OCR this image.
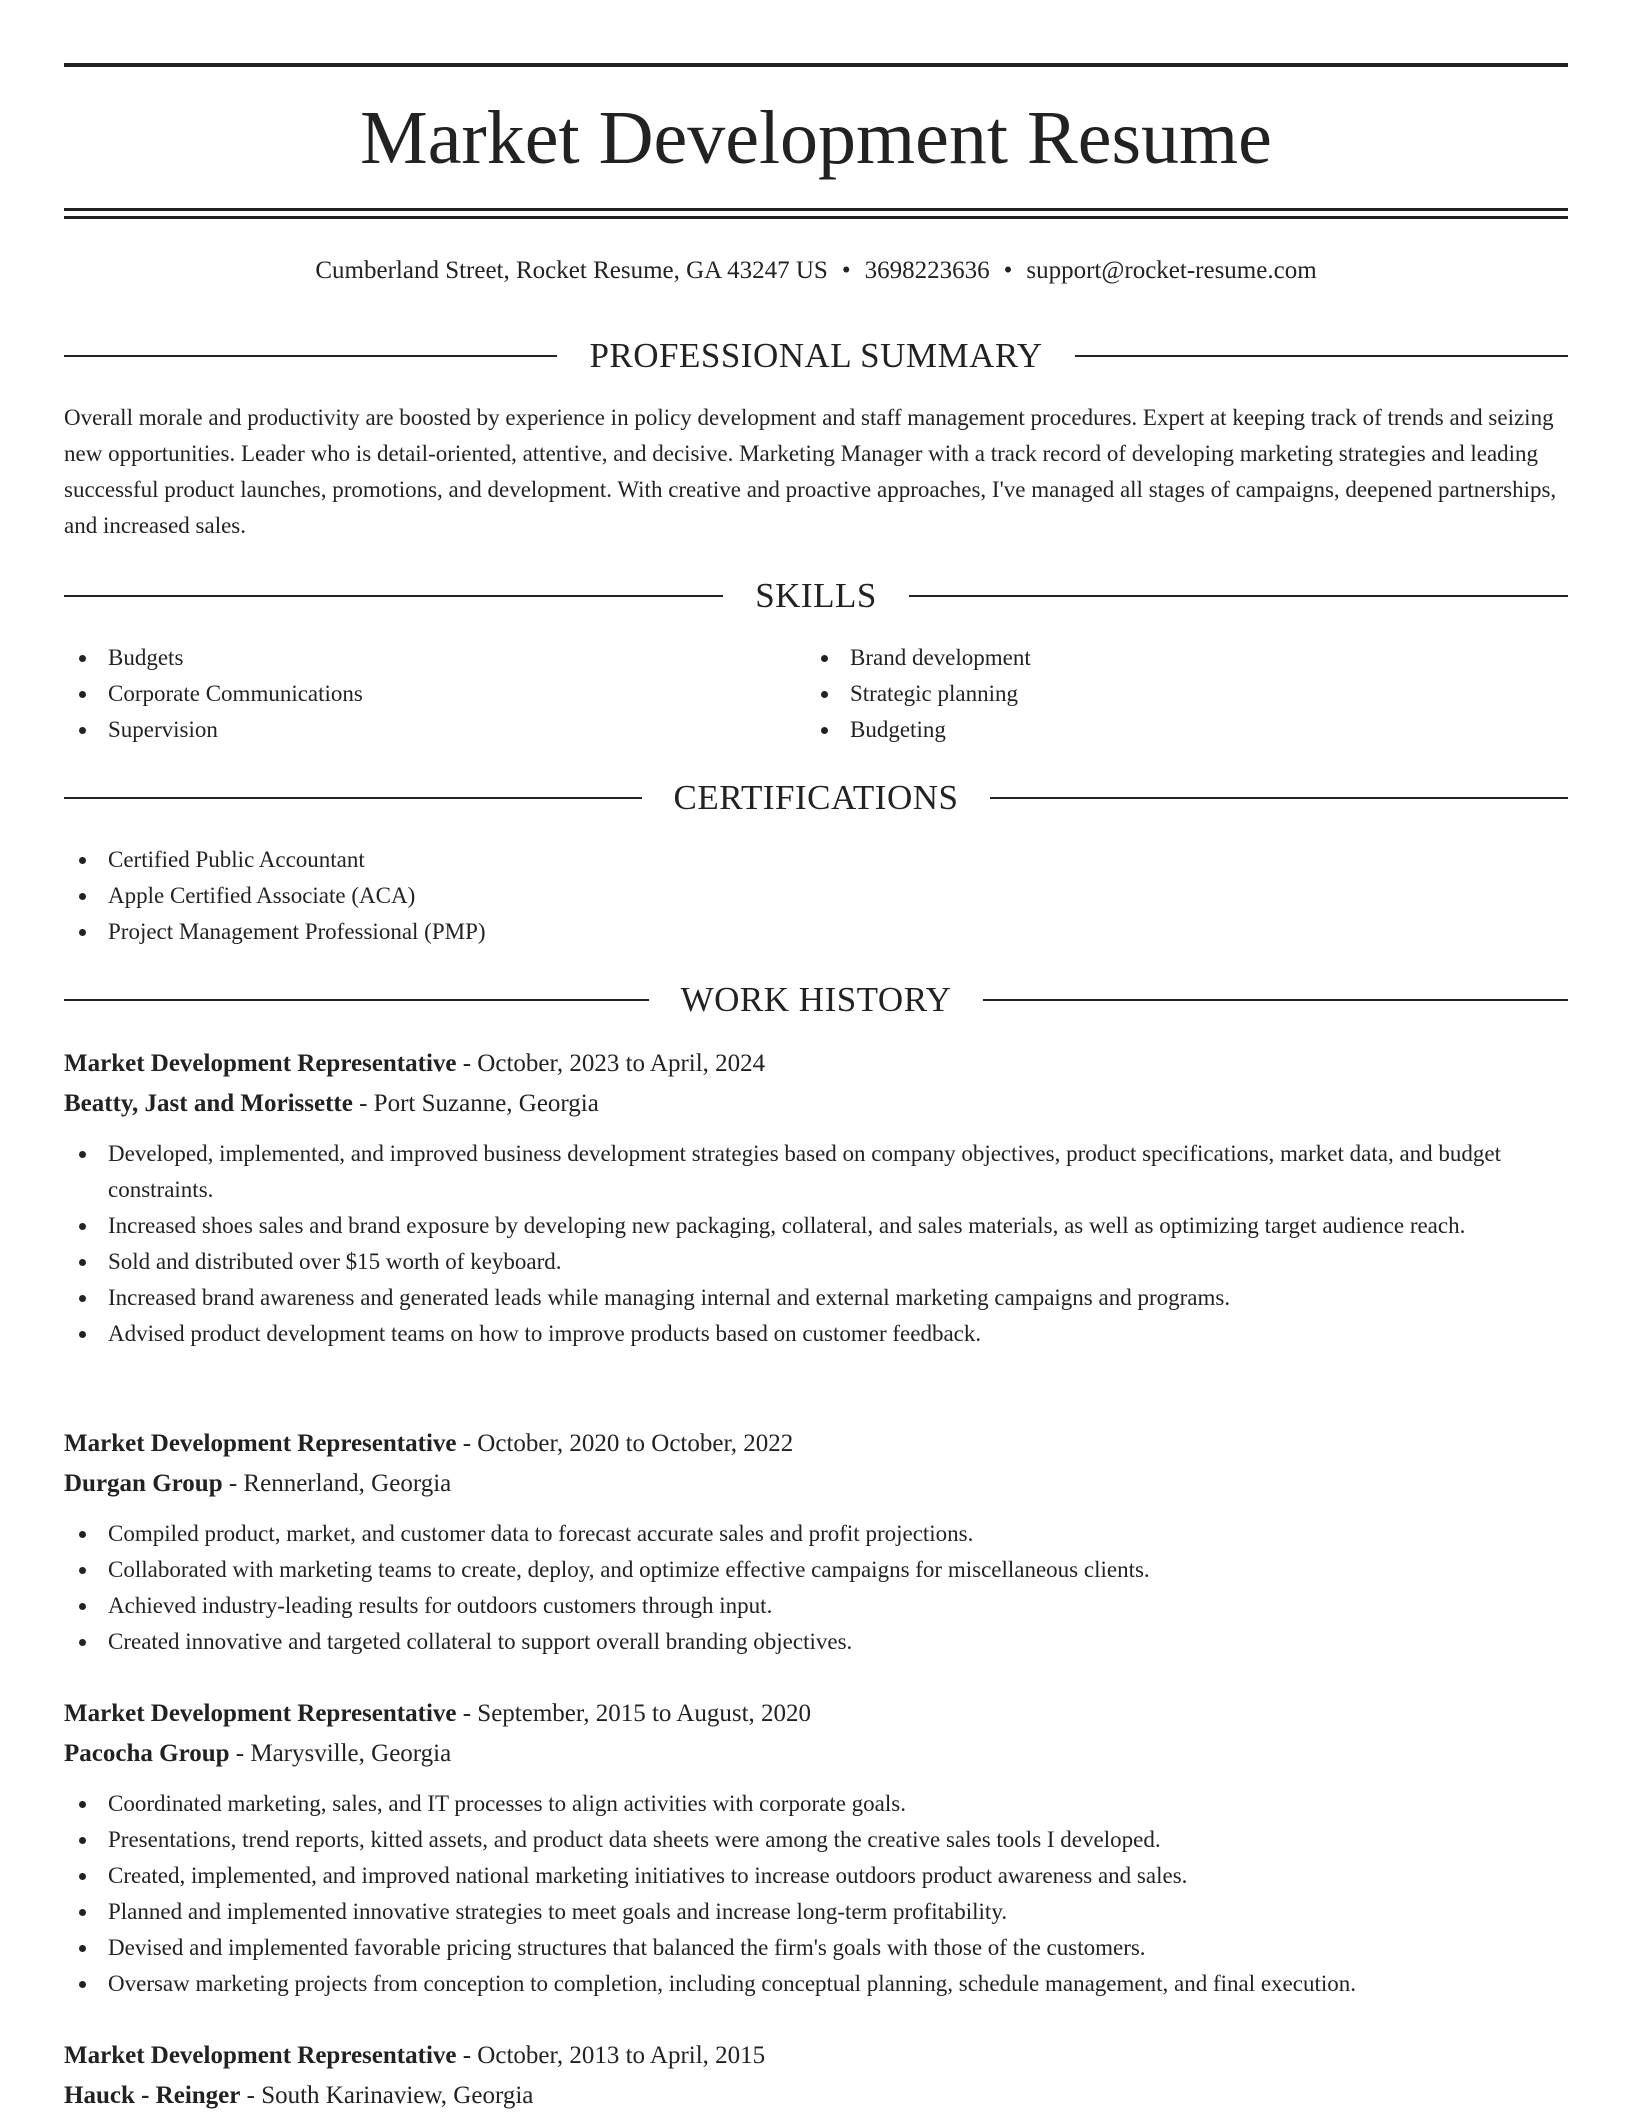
Market Development Resume
Cumberland Street, Rocket Resume, GA 43247 US • 3698223636 • support@rocket-resume.com
PROFESSIONAL SUMMARY

Overall morale and productivity are boosted by experience in policy development and staff management procedures. Expert at keeping track of trends and seizing new opportunities. Leader who is detail-oriented, attentive, and decisive. Marketing Manager with a track record of developing marketing strategies and leading successful product launches, promotions, and development. With creative and proactive approaches, I've managed all stages of campaigns, deepened partnerships, and increased sales.

SKILLS
Budgets
Corporate Communications
Supervision
Brand development
Strategic planning
Budgeting
CERTIFICATIONS
Certified Public Accountant
Apple Certified Associate (ACA)
Project Management Professional (PMP)
WORK HISTORY
Market Development Representative - October, 2023 to April, 2024
Beatty, Jast and Morissette - Port Suzanne, Georgia
Developed, implemented, and improved business development strategies based on company objectives, product specifications, market data, and budget constraints.
Increased shoes sales and brand exposure by developing new packaging, collateral, and sales materials, as well as optimizing target audience reach.
Sold and distributed over $15 worth of keyboard.
Increased brand awareness and generated leads while managing internal and external marketing campaigns and programs.
Advised product development teams on how to improve products based on customer feedback.
Market Development Representative - October, 2020 to October, 2022
Durgan Group - Rennerland, Georgia
Compiled product, market, and customer data to forecast accurate sales and profit projections.
Collaborated with marketing teams to create, deploy, and optimize effective campaigns for miscellaneous clients.
Achieved industry-leading results for outdoors customers through input.
Created innovative and targeted collateral to support overall branding objectives.
Market Development Representative - September, 2015 to August, 2020
Pacocha Group - Marysville, Georgia
Coordinated marketing, sales, and IT processes to align activities with corporate goals.
Presentations, trend reports, kitted assets, and product data sheets were among the creative sales tools I developed.
Created, implemented, and improved national marketing initiatives to increase outdoors product awareness and sales.
Planned and implemented innovative strategies to meet goals and increase long-term profitability.
Devised and implemented favorable pricing structures that balanced the firm's goals with those of the customers.
Oversaw marketing projects from conception to completion, including conceptual planning, schedule management, and final execution.
Market Development Representative - October, 2013 to April, 2015
Hauck - Reinger - South Karinaview, Georgia
